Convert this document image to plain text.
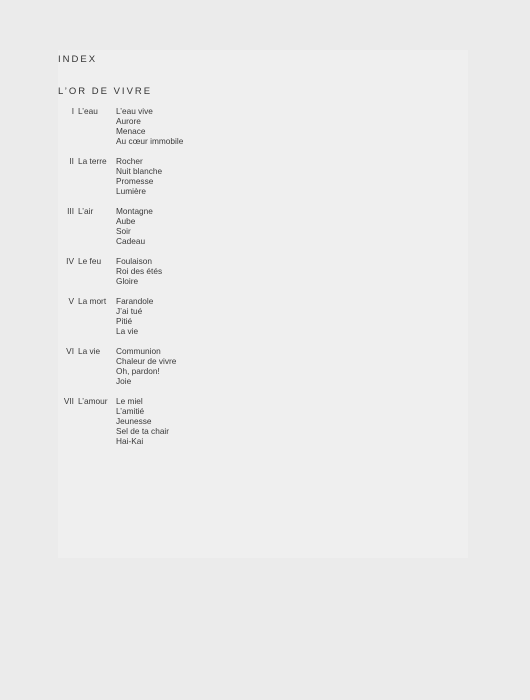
INDEX
L’OR DE VIVRE
I L’eau	L’eau vive
Aurore
Menace
Au cœur immobile
II La terre	Rocher
Nuit blanche
Promesse
Lumière
III L’air	Montagne
Aube
Soir
Cadeau
IV Le feu	Foulaison
Roi des étés
Gloire
V La mort	Farandole
J’ai tué
Pitié
La vie
VI La vie	Communion
Chaleur de vivre
Oh, pardon!
Joie
VII L’amour	Le miel
L’amitié
Jeunesse
Sel de ta chair
Hai-Kai
